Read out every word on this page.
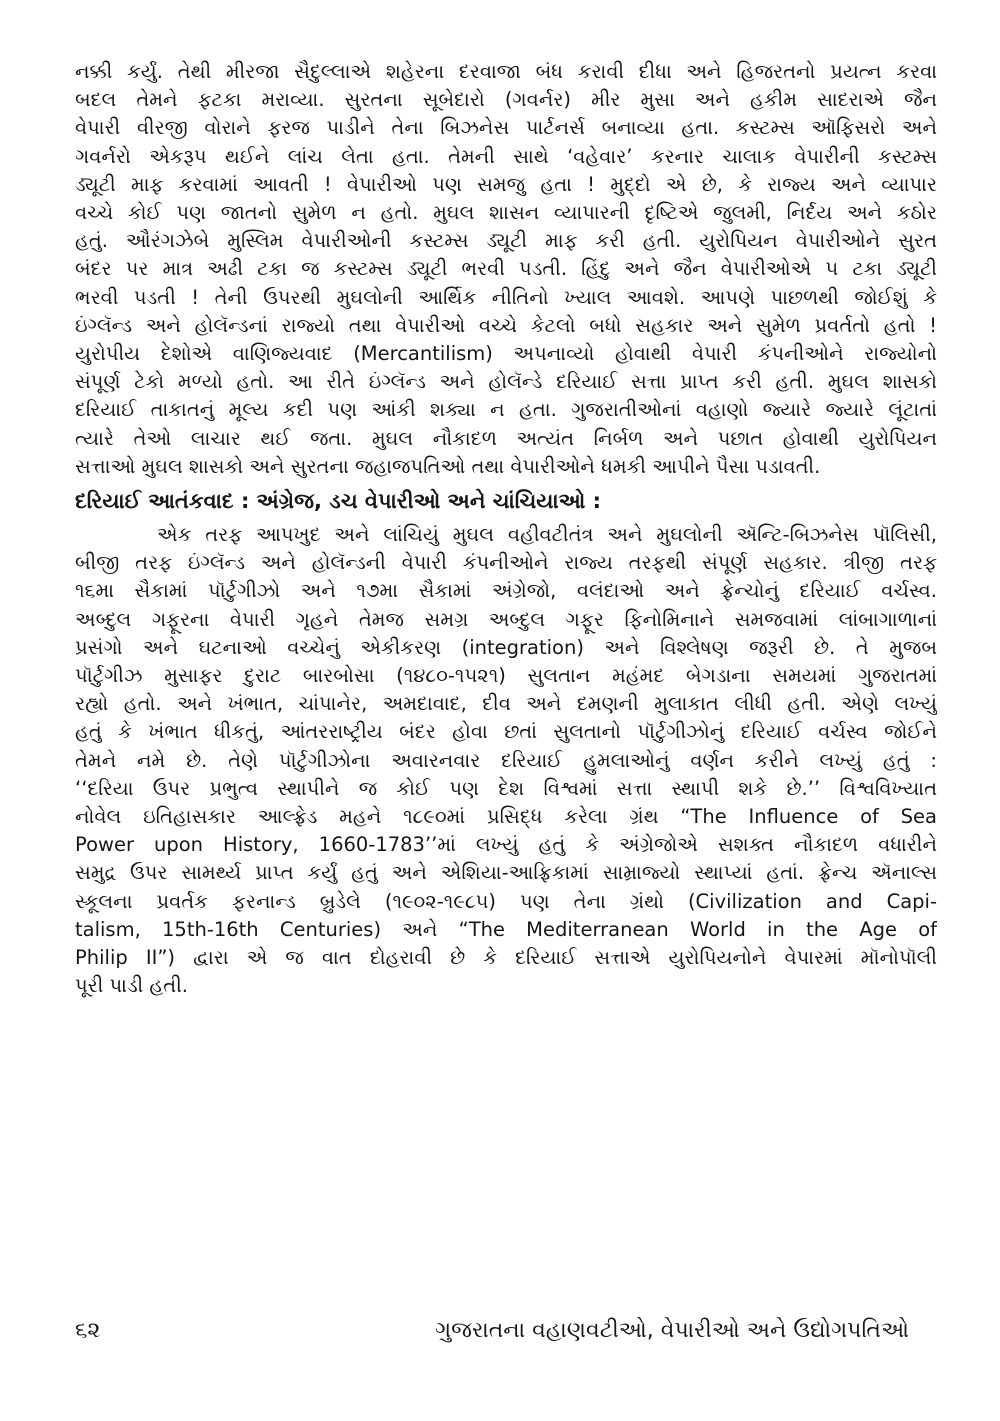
નક્કી કર્યું. તેથી મીરજા સૈદુલ્લાએ શહેરના દરવાજા બંધ કરાવી દીધા અને હિજરતનો પ્રયત્ન કરવા
બદલ તેમને ફટકા મરાવ્યા. સુરતના સૂબેદારો (ગવર્નર) મીર મુસા અને હકીમ સાદરાએ જૈન
વેપારી વીરજી વોરાને ફરજ પાડીને તેના બિઝનેસ પાર્ટનર્સ બનાવ્યા હતા. કસ્ટમ્સ ઑફિસરો અને
ગવર્નરો એકરૂપ થઈને લાંચ લેતા હતા. તેમની સાથે ‘વહેવાર’ કરનાર ચાલાક વેપારીની કસ્ટમ્સ
ડ્યૂટી માફ કરવામાં આવતી ! વેપારીઓ પણ સમજુ હતા ! મુદ્દો એ છે, કે રાજ્ય અને વ્યાપાર
વચ્ચે કોઈ પણ જાતનો સુમેળ ન હતો. મુઘલ શાસન વ્યાપારની દૃષ્ટિએ જુલમી, નિર્દય અને કઠોર
હતું. ઔરંગઝેબે મુસ્લિમ વેપારીઓની કસ્ટમ્સ ડ્યૂટી માફ કરી હતી. યુરોપિયન વેપારીઓને સુરત
બંદર પર માત્ર અઢી ટકા જ કસ્ટમ્સ ડ્યૂટી ભરવી પડતી. હિંદુ અને જૈન વેપારીઓએ ૫ ટકા ડ્યૂટી
ભરવી પડતી ! તેની ઉપરથી મુઘલોની આર્થિક નીતિનો ખ્યાલ આવશે. આપણે પાછળથી જોઈશું કે
ઇંગ્લૅન્ડ અને હોલૅન્ડનાં રાજ્યો તથા વેપારીઓ વચ્ચે કેટલો બધો સહકાર અને સુમેળ પ્રવર્તતો હતો !
યુરોપીય દેશોએ વાણિજ્યવાદ (Mercantilism) અપનાવ્યો હોવાથી વેપારી કંપનીઓને રાજ્યોનો
સંપૂર્ણ ટેકો મળ્યો હતો. આ રીતે ઇંગ્લૅન્ડ અને હોલૅન્ડે દરિયાઈ સત્તા પ્રાપ્ત કરી હતી. મુઘલ શાસકો
દરિયાઈ તાકાતનું મૂલ્ય કદી પણ આંકી શક્યા ન હતા. ગુજરાતીઓનાં વહાણો જ્યારે જ્યારે લૂંટાતાં
ત્યારે તેઓ લાચાર થઈ જતા. મુઘલ નૌકાદળ અત્યંત નિર્બળ અને પછાત હોવાથી યુરોપિયન
સત્તાઓ મુઘલ શાસકો અને સુરતના જહાજપતિઓ તથા વેપારીઓને ધમકી આપીને પૈસા પડાવતી.
દરિયાઈ આતંકવાદ : અંગ્રેજ, ડચ વેપારીઓ અને ચાંચિયાઓ :
એક તરફ આપખુદ અને લાંચિયું મુઘલ વહીવટીતંત્ર અને મુઘલોની ઍન્ટિ-બિઝનેસ પૉલિસી,
બીજી તરફ ઇંગ્લૅન્ડ અને હોલૅન્ડની વેપારી કંપનીઓને રાજ્ય તરફથી સંપૂર્ણ સહકાર. ત્રીજી તરફ
૧૬મા સૈકામાં પૉર્ટુગીઝો અને ૧૭મા સૈકામાં અંગ્રેજો, વલંદાઓ અને ફ્રેન્ચોનું દરિયાઈ વર્ચસ્વ.
અબ્દુલ ગફૂરના વેપારી ગૃહને તેમજ સમગ્ર અબ્દુલ ગફૂર ફિનોમિનાને સમજવામાં લાંબાગાળાનાં
પ્રસંગો અને ઘટનાઓ વચ્ચેનું એકીકરણ (integration) અને વિશ્લેષણ જરૂરી છે. તે મુજબ
પૉર્ટુગીઝ મુસાફર દુરાટ બારબોસા (૧૪૮૦-૧૫૨૧) સુલતાન મહંમદ બેગડાના સમયમાં ગુજરાતમાં
રહ્યો હતો. અને ખંભાત, ચાંપાનેર, અમદાવાદ, દીવ અને દમણની મુલાકાત લીધી હતી. એણે લખ્યું
હતું કે ખંભાત ધીકતું, આંતરરાષ્ટ્રીય બંદર હોવા છતાં સુલતાનો પૉર્ટુગીઝોનું દરિયાઈ વર્ચસ્વ જોઈને
તેમને નમે છે. તેણે પૉર્ટુગીઝોના અવારનવાર દરિયાઈ હુમલાઓનું વર્ણન કરીને લખ્યું હતું :
‘‘દરિયા ઉપર પ્રભુત્વ સ્થાપીને જ કોઈ પણ દેશ વિશ્વમાં સત્તા સ્થાપી શકે છે.’’ વિશ્વવિખ્યાત
નોવેલ ઇતિહાસકાર આલ્ફ્રેડ મહને ૧૮૯૦માં પ્રસિદ્ધ કરેલા ગ્રંથ “The Influence of Sea
Power upon History, 1660-1783’’માં લખ્યું હતું કે અંગ્રેજોએ સશક્ત નૌકાદળ વધારીને
સમુદ્ર ઉપર સામર્થ્ય પ્રાપ્ત કર્યું હતું અને એશિયા-આફ્રિકામાં સામ્રાજ્યો સ્થાપ્યાં હતાં. ફ્રેન્ચ ઍનાલ્સ
સ્કૂલના પ્રવર્તક ફરનાન્ડ બ્રુડેલે (૧૯૦૨-૧૯૮૫) પણ તેના ગ્રંથો (Civilization and Capi-
talism, 15th-16th Centuries) અને “The Mediterranean World in the Age of
Philip II”) દ્વારા એ જ વાત દોહરાવી છે કે દરિયાઈ સત્તાએ યુરોપિયનોને વેપારમાં મૉનોપૉલી
પૂરી પાડી હતી.
૬૨	ગુજરાતના વહાણવટીઓ, વેપારીઓ અને ઉદ્યોગપતિઓ
